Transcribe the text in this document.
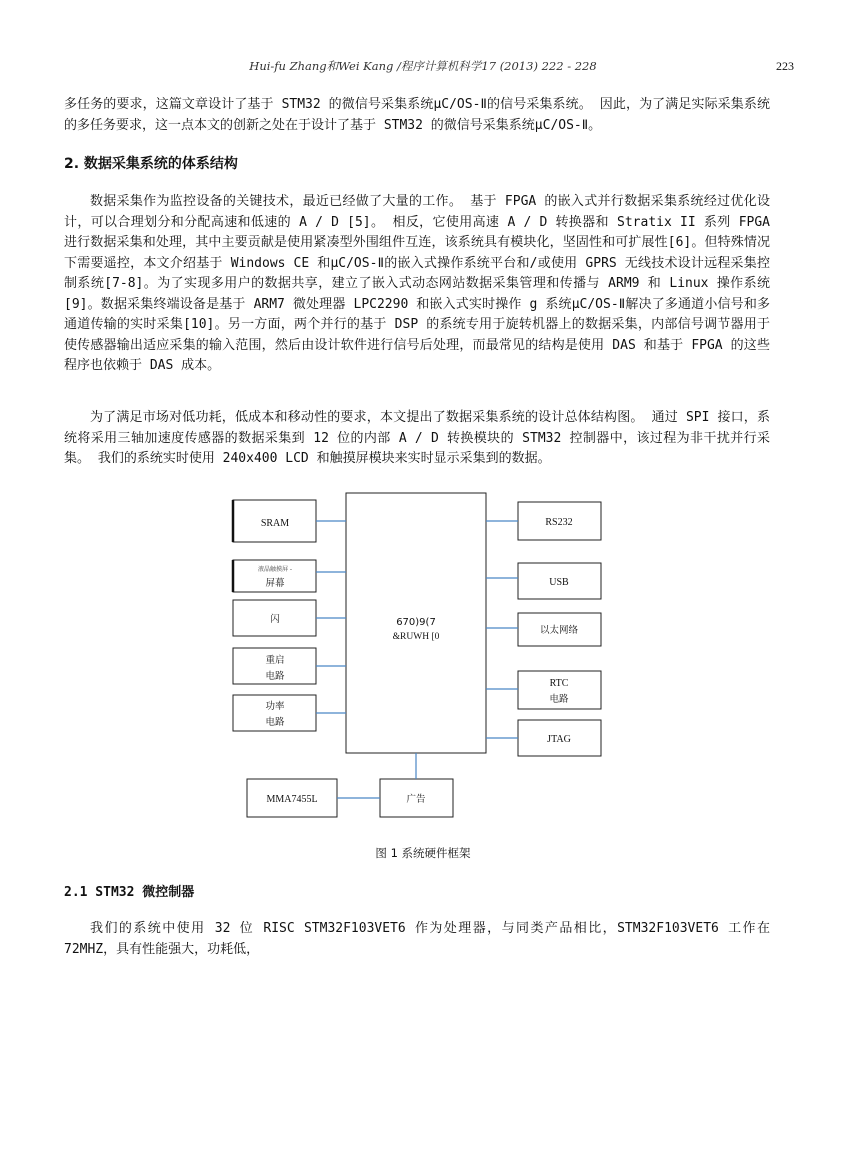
Hui-fu Zhang和Wei Kang /程序计算机科学17 (2013) 222 - 228	223

多任务的要求，这篇文章设计了基于 STM32 的微信号采集系统μC/OS-Ⅱ的信号采集系统。 因此，为了满足实际采集系统的多任务要求，这一点本文的创新之处在于设计了基于 STM32 的微信号采集系统μC/OS-Ⅱ。

2. 数据采集系统的体系结构

数据采集作为监控设备的关键技术，最近已经做了大量的工作。 基于 FPGA 的嵌入式并行数据采集系统经过优化设计，可以合理划分和分配高速和低速的 A / D [5]。 相反，它使用高速 A / D 转换器和 Stratix II 系列 FPGA 进行数据采集和处理，其中主要贡献是使用紧凑型外围组件互连，该系统具有模块化，坚固性和可扩展性[6]。但特殊情况下需要遥控，本文介绍基于 Windows CE 和μC/OS-Ⅱ的嵌入式操作系统平台和/或使用 GPRS 无线技术设计远程采集控制系统[7-8]。为了实现多用户的数据共享，建立了嵌入式动态网站数据采集管理和传播与 ARM9 和 Linux 操作系统[9]。数据采集终端设备是基于 ARM7 微处理器 LPC2290 和嵌入式实时操作 g 系统μC/OS-Ⅱ解决了多通道小信号和多通道传输的实时采集[10]。另一方面，两个并行的基于 DSP 的系统专用于旋转机器上的数据采集，内部信号调节器用于使传感器输出适应采集的输入范围，然后由设计软件进行信号后处理，而最常见的结构是使用 DAS 和基于 FPGA 的这些程序也依赖于 DAS 成本。

为了满足市场对低功耗，低成本和移动性的要求，本文提出了数据采集系统的设计总体结构图。 通过 SPI 接口，系统将采用三轴加速度传感器的数据采集到 12 位的内部 A / D 转换模块的 STM32 控制器中，该过程为非干扰并行采集。 我们的系统实时使用 240x400 LCD 和触摸屏模块来实时显示采集到的数据。

670)9(7
&RUWH [0
SRAM
液晶触摸屏 -
屏幕
闪
重启
电路
功率
电路
RS232
USB
以太网络
RTC
电路
JTAG
MMA7455L	广告
图 1 系统硬件框架
2.1 STM32 微控制器

我们的系统中使用 32 位 RISC STM32F103VET6 作为处理器，与同类产品相比，STM32F103VET6 工作在 72MHZ，具有性能强大，功耗低，
